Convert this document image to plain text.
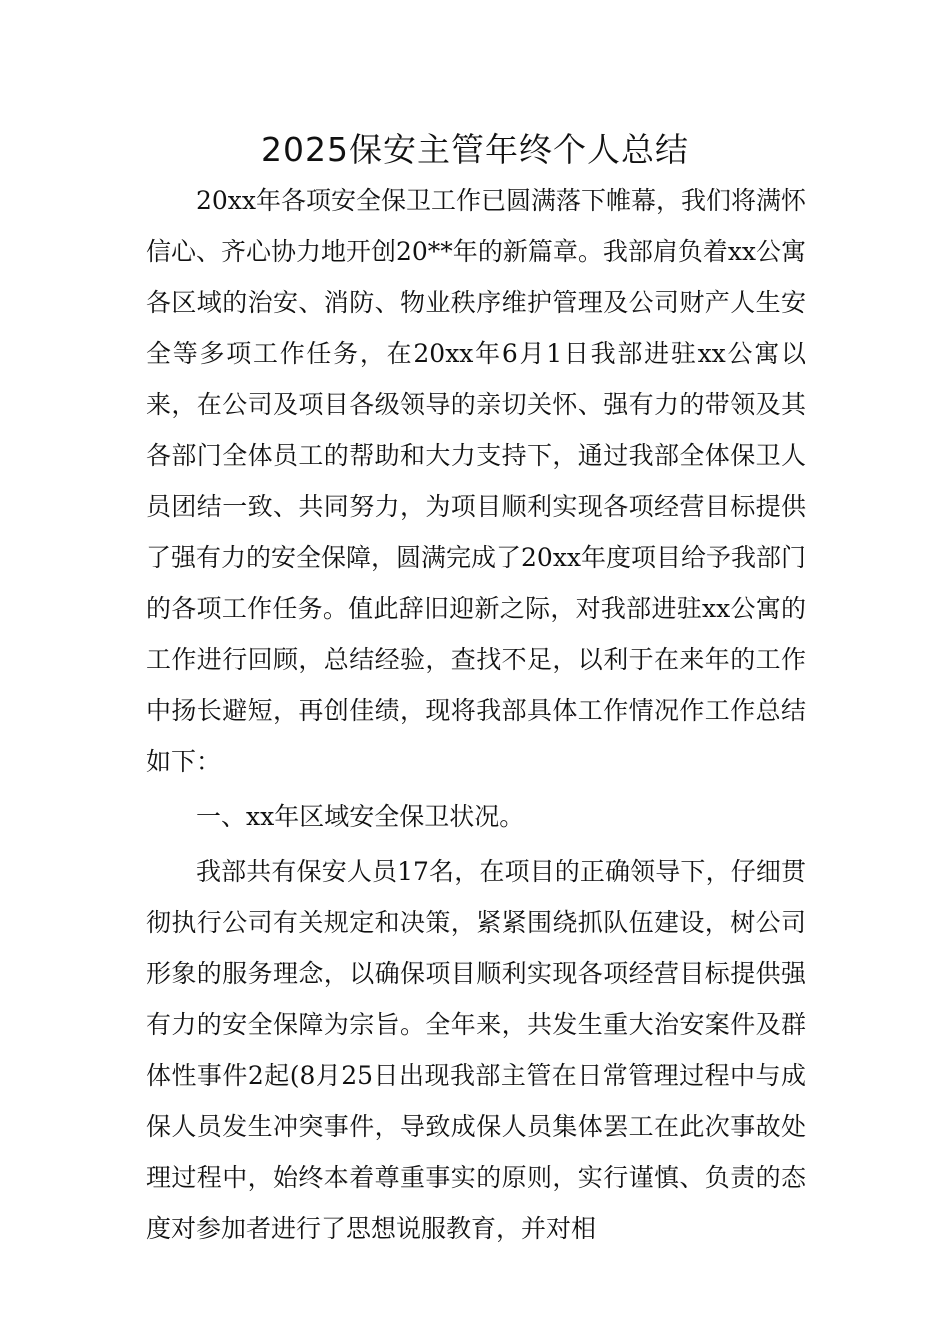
2025保安主管年终个人总结

20xx年各项安全保卫工作已圆满落下帷幕，我们将满怀信心、齐心协力地开创20**年的新篇章。我部肩负着xx公寓各区域的治安、消防、物业秩序维护管理及公司财产人生安全等多项工作任务，在20xx年6月1日我部进驻xx公寓以来，在公司及项目各级领导的亲切关怀、强有力的带领及其各部门全体员工的帮助和大力支持下，通过我部全体保卫人员团结一致、共同努力，为项目顺利实现各项经营目标提供了强有力的安全保障，圆满完成了20xx年度项目给予我部门的各项工作任务。值此辞旧迎新之际，对我部进驻xx公寓的工作进行回顾，总结经验，查找不足，以利于在来年的工作中扬长避短，再创佳绩，现将我部具体工作情况作工作总结如下：

一、xx年区域安全保卫状况。

我部共有保安人员17名，在项目的正确领导下，仔细贯彻执行公司有关规定和决策，紧紧围绕抓队伍建设，树公司形象的服务理念，以确保项目顺利实现各项经营目标提供强有力的安全保障为宗旨。全年来，共发生重大治安案件及群体性事件2起(8月25日出现我部主管在日常管理过程中与成保人员发生冲突事件，导致成保人员集体罢工在此次事故处理过程中，始终本着尊重事实的原则，实行谨慎、负责的态度对参加者进行了思想说服教育，并对相
